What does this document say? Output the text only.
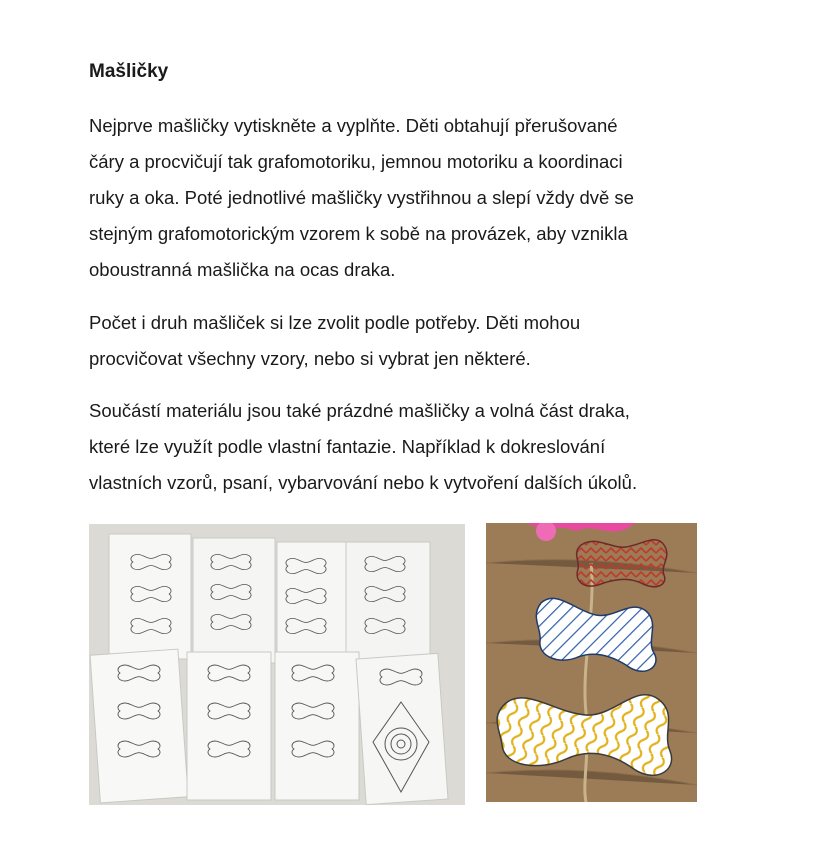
Mašličky

Nejprve mašličky vytiskněte a vyplňte. Děti obtahují přerušované
čáry a procvičují tak grafomotoriku, jemnou motoriku a koordinaci
ruky a oka. Poté jednotlivé mašličky vystřihnou a slepí vždy dvě se
stejným grafomotorickým vzorem k sobě na provázek, aby vznikla
oboustranná mašlička na ocas draka.

Počet i druh mašliček si lze zvolit podle potřeby. Děti mohou
procvičovat všechny vzory, nebo si vybrat jen některé.

Součástí materiálu jsou také prázdné mašličky a volná část draka,
které lze využít podle vlastní fantazie. Například k dokreslování
vlastních vzorů, psaní, vybarvování nebo k vytvoření dalších úkolů.
